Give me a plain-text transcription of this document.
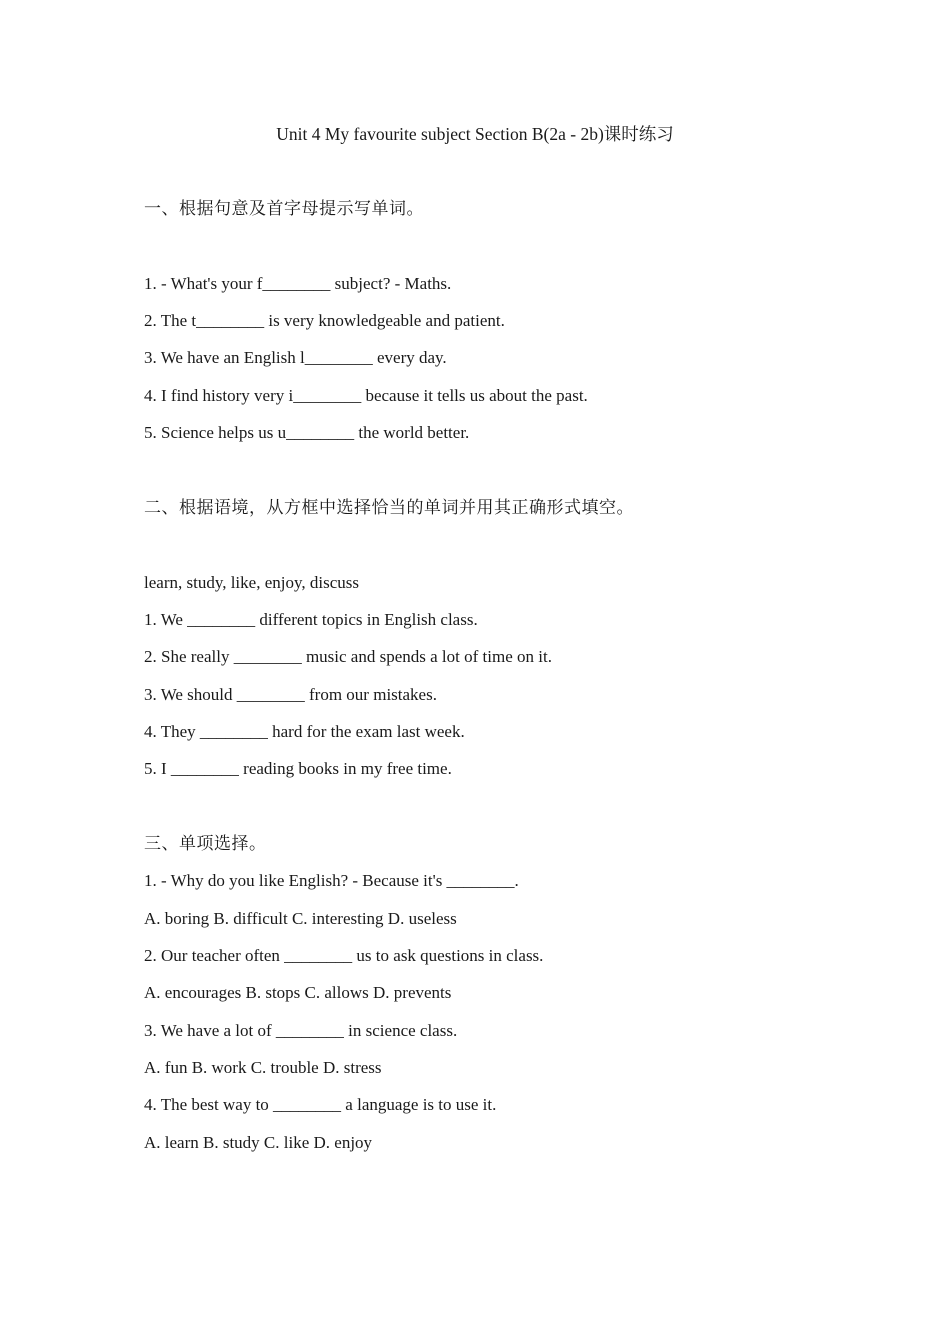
Unit 4 My favourite subject Section B(2a - 2b)课时练习
一、根据句意及首字母提示写单词。
1. - What's your f________ subject? - Maths.
2. The t________ is very knowledgeable and patient.
3. We have an English l________ every day.
4. I find history very i________ because it tells us about the past.
5. Science helps us u________ the world better.
二、根据语境，从方框中选择恰当的单词并用其正确形式填空。
learn, study, like, enjoy, discuss
1. We ________ different topics in English class.
2. She really ________ music and spends a lot of time on it.
3. We should ________ from our mistakes.
4. They ________ hard for the exam last week.
5. I ________ reading books in my free time.
三、单项选择。
1. - Why do you like English? - Because it's ________.
A. boring B. difficult C. interesting D. useless
2. Our teacher often ________ us to ask questions in class.
A. encourages B. stops C. allows D. prevents
3. We have a lot of ________ in science class.
A. fun B. work C. trouble D. stress
4. The best way to ________ a language is to use it.
A. learn B. study C. like D. enjoy
